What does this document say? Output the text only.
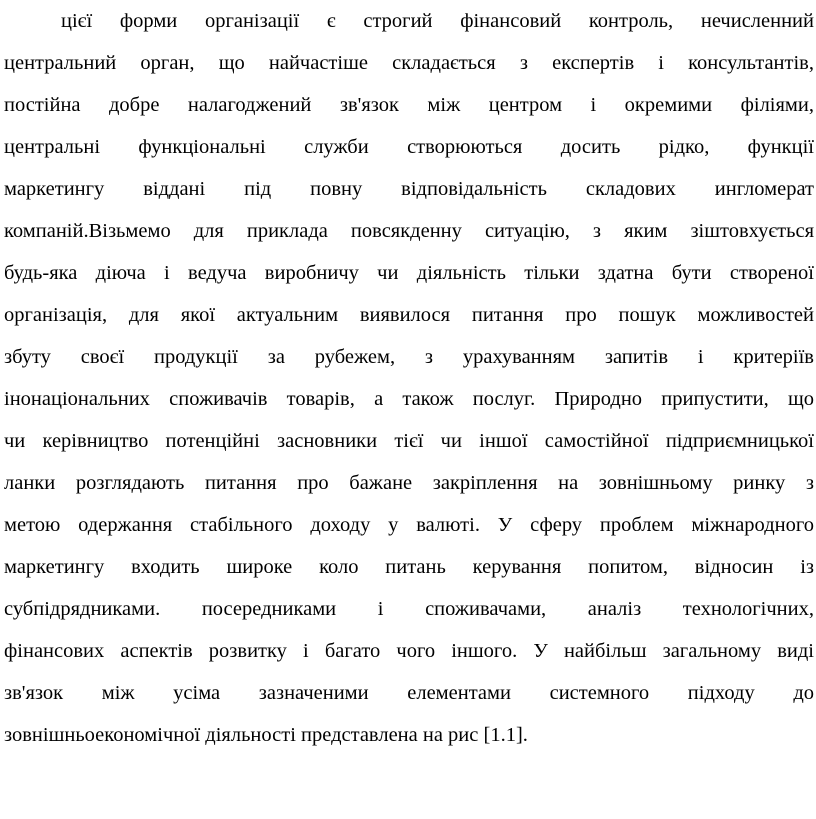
цієї форми організації є строгий фінансовий контроль, нечисленний
центральний орган, що найчастіше складається з експертів і консультантів,
постійна добре налагоджений зв'язок між центром і окремими філіями,
центральні функціональні служби створюються досить рідко, функції
маркетингу віддані під повну відповідальність складових ингломерат
компаній.Візьмемо для приклада повсякденну ситуацію, з яким зіштовхується
будь-яка діюча і ведуча виробничу чи діяльність тільки здатна бути створеної
організація, для якої актуальним виявилося питання про пошук можливостей
збуту своєї продукції за рубежем, з урахуванням запитів і критеріїв
інонаціональних споживачів товарів, а також послуг. Природно припустити, що
чи керівництво потенційні засновники тієї чи іншої самостійної підприємницької
ланки розглядають питання про бажане закріплення на зовнішньому ринку з
метою одержання стабільного доходу у валюті. У сферу проблем міжнародного
маркетингу входить широке коло питань керування попитом, відносин із
субпідрядниками. посередниками і споживачами, аналіз технологічних,
фінансових аспектів розвитку і багато чого іншого. У найбільш загальному виді
зв'язок між усіма зазначеними елементами системного підходу до
зовнішньоекономічної діяльності представлена на рис [1.1].
